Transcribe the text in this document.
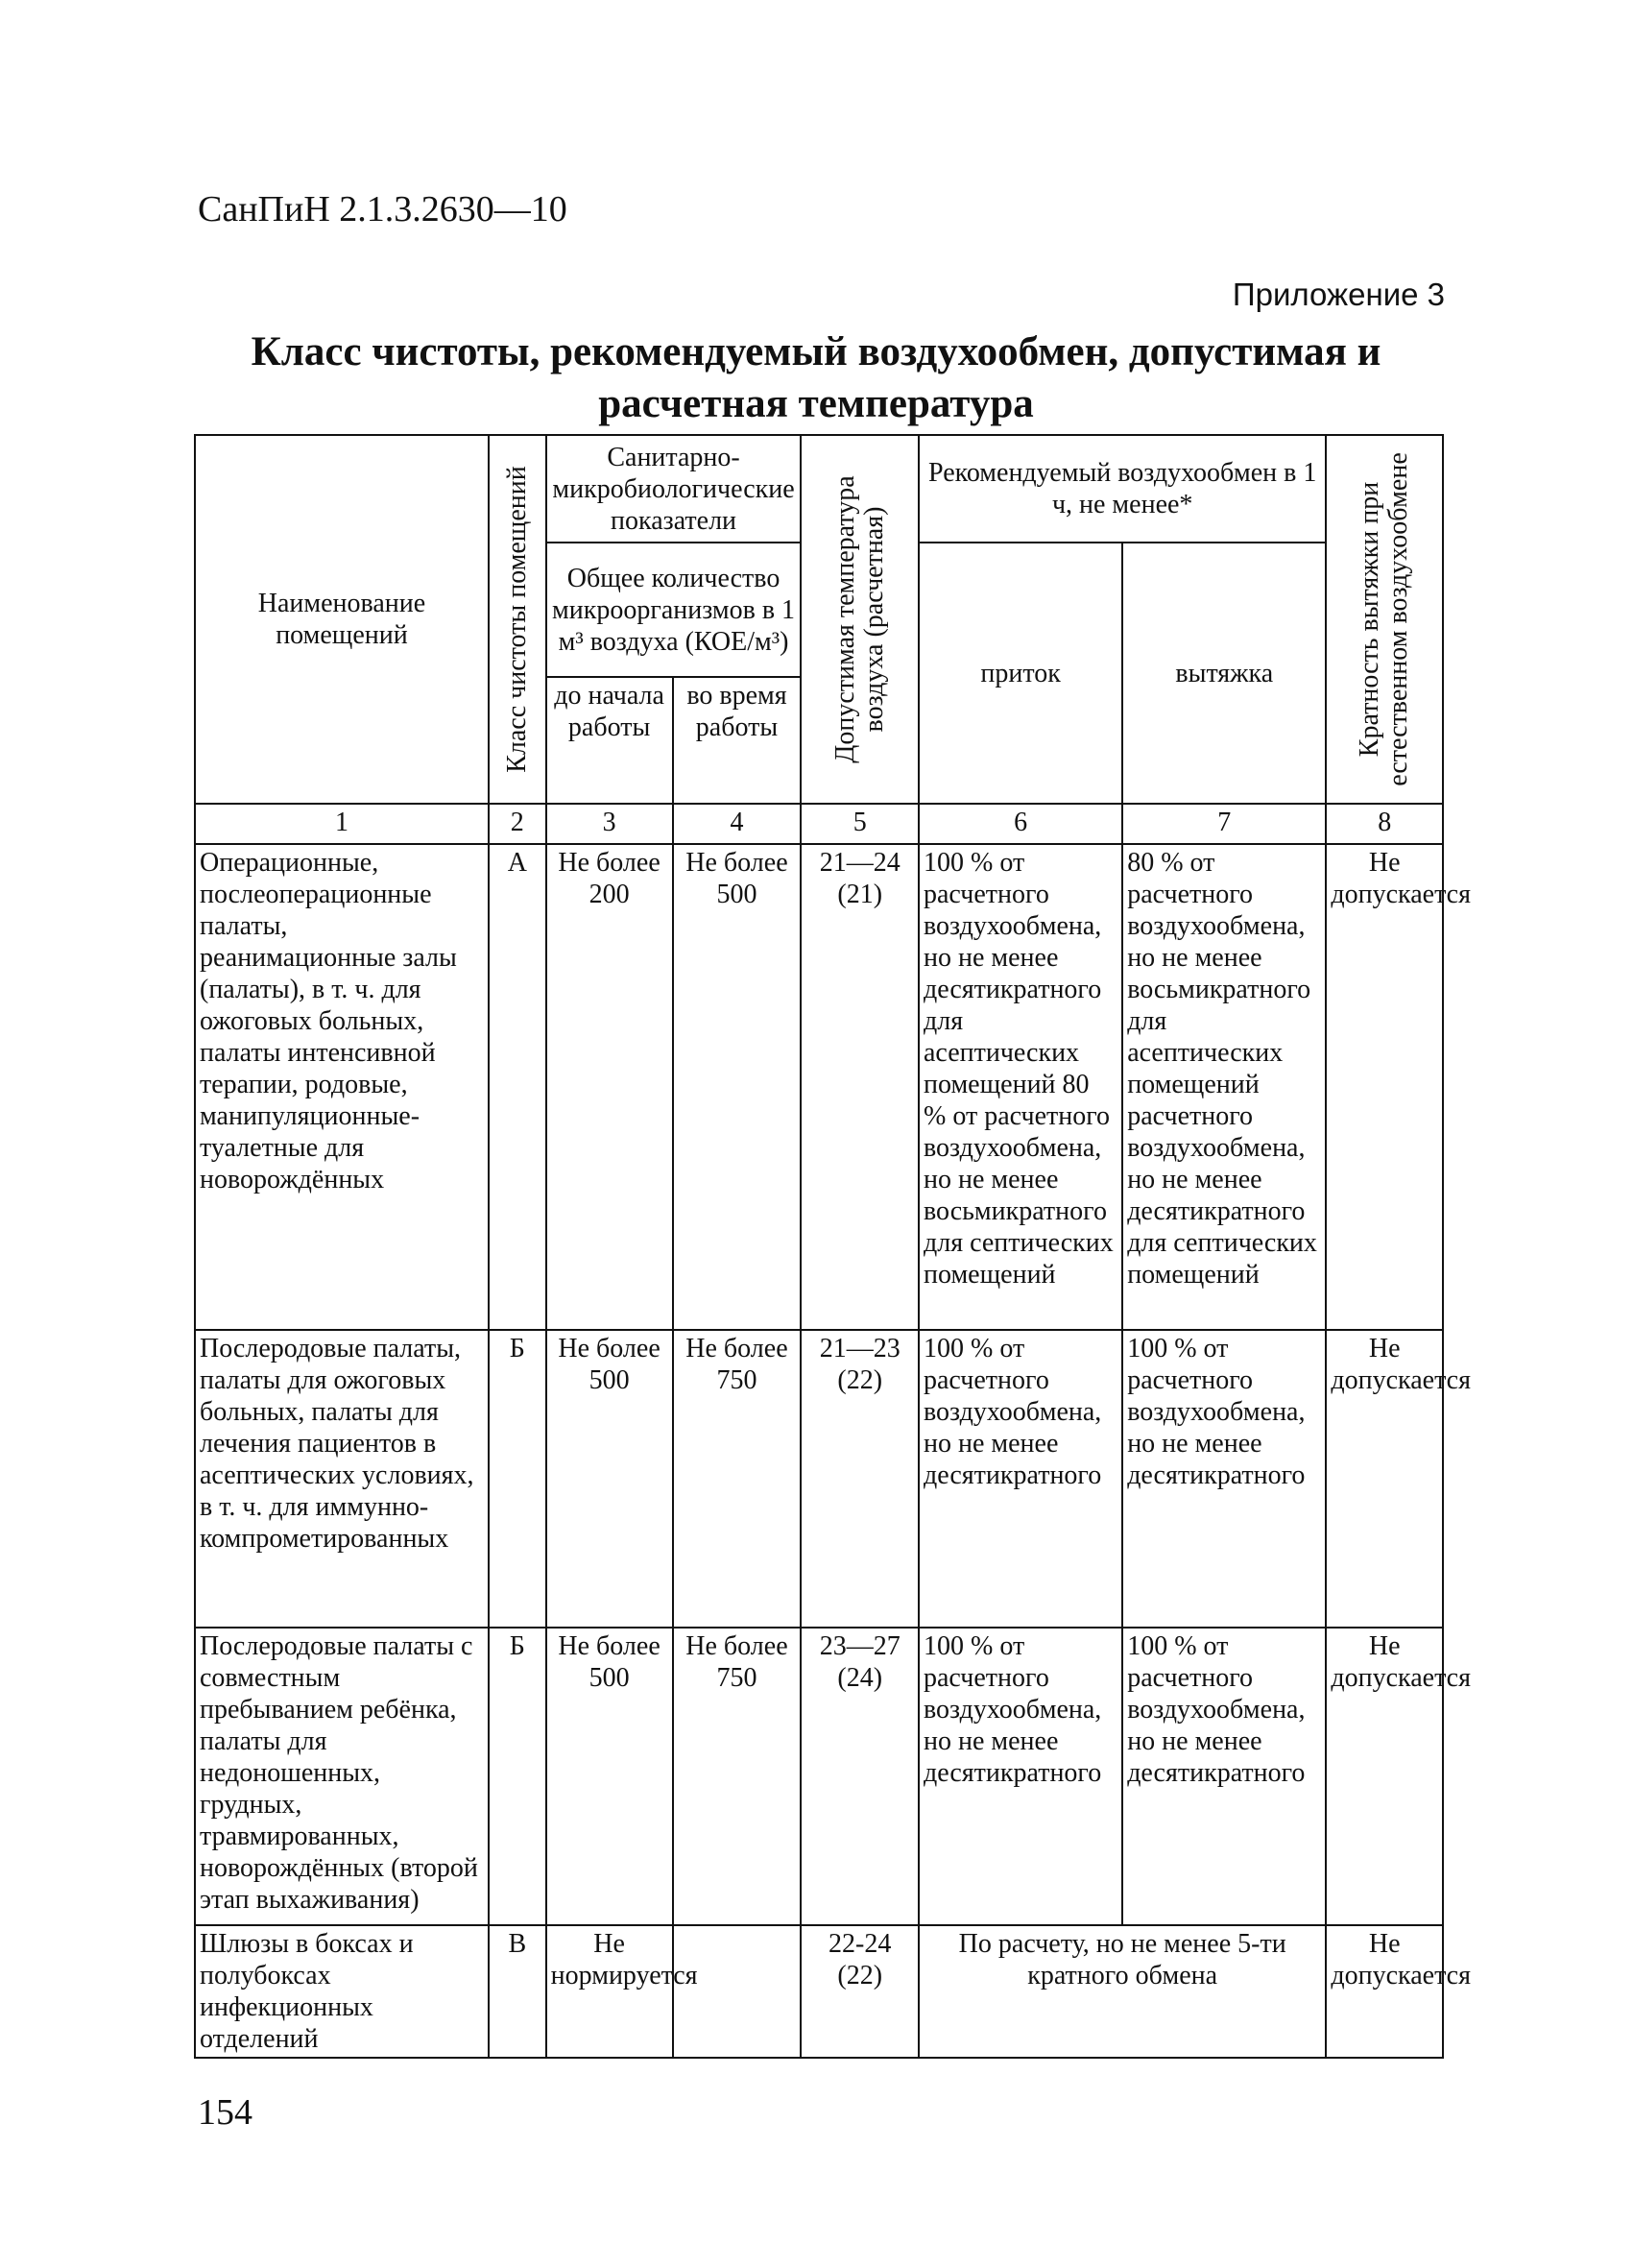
СанПиН 2.1.3.2630—10
Приложение 3
Класс чистоты, рекомендуемый воздухообмен, допустимая и расчетная температура
Наименование помещений	Класс чистоты помещений	Санитарно-микробиологические показатели		Допустимая температура воздуха (расчетная)	Рекомендуемый воздухообмен в 1 ч, не менее*		Кратность вытяжки при естественном воздухообмене

		Общее количество микроорганизмов в 1 м³ воздуха (КОЕ/м³)			приток	вытяжка	
		до начала работы	во время работы				
1	2	3	4	5	6	7	8
Операционные, послеоперационные палаты, реанимационные залы (палаты), в т. ч. для ожоговых больных, палаты интенсивной терапии, родовые, манипуляционные-туалетные для новорождённых	А	Не более 200	Не более 500	21—24 (21)	100 % от расчетного воздухообмена, но не менее десятикратного для асептических помещений 80 % от расчетного воздухообмена, но не менее восьмикратного для септических помещений	80 % от расчетного воздухообмена, но не менее восьмикратного для асептических помещений расчетного воздухообмена, но не менее десятикратного для септических помещений	Не допускается
Послеродовые палаты, палаты для ожоговых больных, палаты для лечения пациентов в асептических условиях, в т. ч. для иммунно-компрометированных	Б	Не более 500	Не более 750	21—23 (22)	100 % от расчетного воздухообмена, но не менее десятикратного	100 % от расчетного воздухообмена, но не менее десятикратного	Не допускается
Послеродовые палаты с совместным пребыванием ребёнка, палаты для недоношенных, грудных, травмированных, новорождённых (второй этап выхаживания)	Б	Не более 500	Не более 750	23—27 (24)	100 % от расчетного воздухообмена, но не менее десятикратного	100 % от расчетного воздухообмена, но не менее десятикратного	Не допускается
Шлюзы в боксах и полубоксах инфекционных отделений	В	Не нормируется		22-24 (22)	По расчету, но не менее 5-ти кратного обмена		Не допускается
154
